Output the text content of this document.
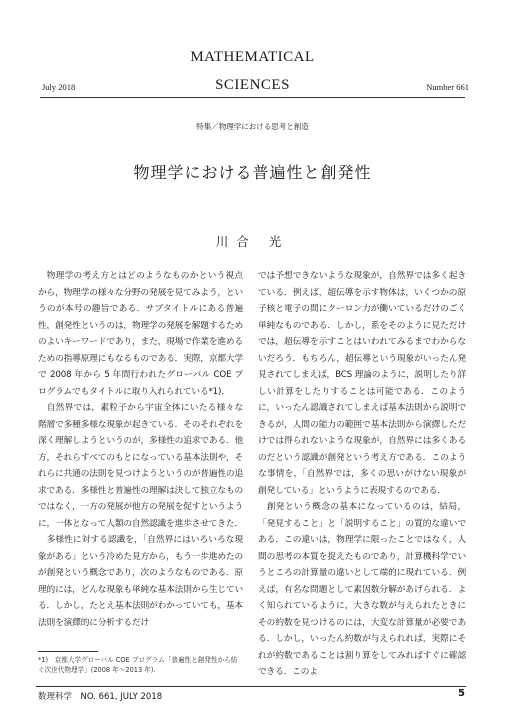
MATHEMATICAL
July 2018	SCIENCES	Number 661
特集／物理学における思考と創造
物理学における普遍性と創発性
川合 光

物理学の考え方とはどのようなものかという視点から，物理学の様々な分野の発展を見てみよう，というのが本号の趣旨である．サブタイトルにある普遍性，創発性というのは，物理学の発展を解題するためのよいキーワードであり，また，現場で作業を進めるための指導原理にもなるものである．実際，京都大学で 2008 年から 5 年間行われたグローバル COE プログラムでもタイトルに取り入れられている*1)．

自然界では，素粒子から宇宙全体にいたる様々な階層で多種多様な現象が起きている．そのそれぞれを深く理解しようというのが，多様性の追求である．他方，それらすべてのもとになっている基本法則や，それらに共通の法則を見つけようというのが普遍性の追求である．多様性と普遍性の理解は決して独立なものではなく，一方の発展が他方の発展を促すというように，一体となって人類の自然認識を進歩させてきた．

多様性に対する認識を，「自然界にはいろいろな現象がある」という冷めた見方から，もう一歩進めたのが創発という概念であり，次のようなものである．原理的には，どんな現象も単純な基本法則から生じている．しかし，たとえ基本法則がわかっていても，基本法則を演繹的に分析するだけ

では予想できないような現象が，自然界では多く起きている．例えば，超伝導を示す物体は，いくつかの原子核と電子の間にクーロン力が働いているだけのごく単純なものである．しかし，系をそのように見ただけでは，超伝導を示すことはいわれてみるまでわからないだろう．もちろん，超伝導という現象がいったん発見されてしまえば，BCS 理論のように，説明したり詳しい計算をしたりすることは可能である．このように，いったん認識されてしまえば基本法則から説明できるが，人間の能力の範囲で基本法則から演繹しただけでは得られないような現象が，自然界には多くあるのだという認識が創発という考え方である．このような事情を，「自然界では，多くの思いがけない現象が創発している」というように表現するのである．

創発という概念の基本になっているのは，結局，「発見すること」と「説明すること」の質的な違いである．この違いは，物理学に限ったことではなく，人間の思考の本質を捉えたものであり，計算機科学でいうところの計算量の違いとして端的に現れている．例えば，有名な問題として素因数分解があげられる．よく知られているように，大きな数が与えられたときにその約数を見つけるのには，大変な計算量が必要である．しかし，いったん約数が与えられれば，実際にそれが約数であることは割り算をしてみればすぐに確認できる．このよ

*1)　京都大学グローバル COE プログラム「普遍性と創発性から紡ぐ次世代物理学」(2008 年〜2013 年).
数理科学　NO. 661, JULY 2018	5
